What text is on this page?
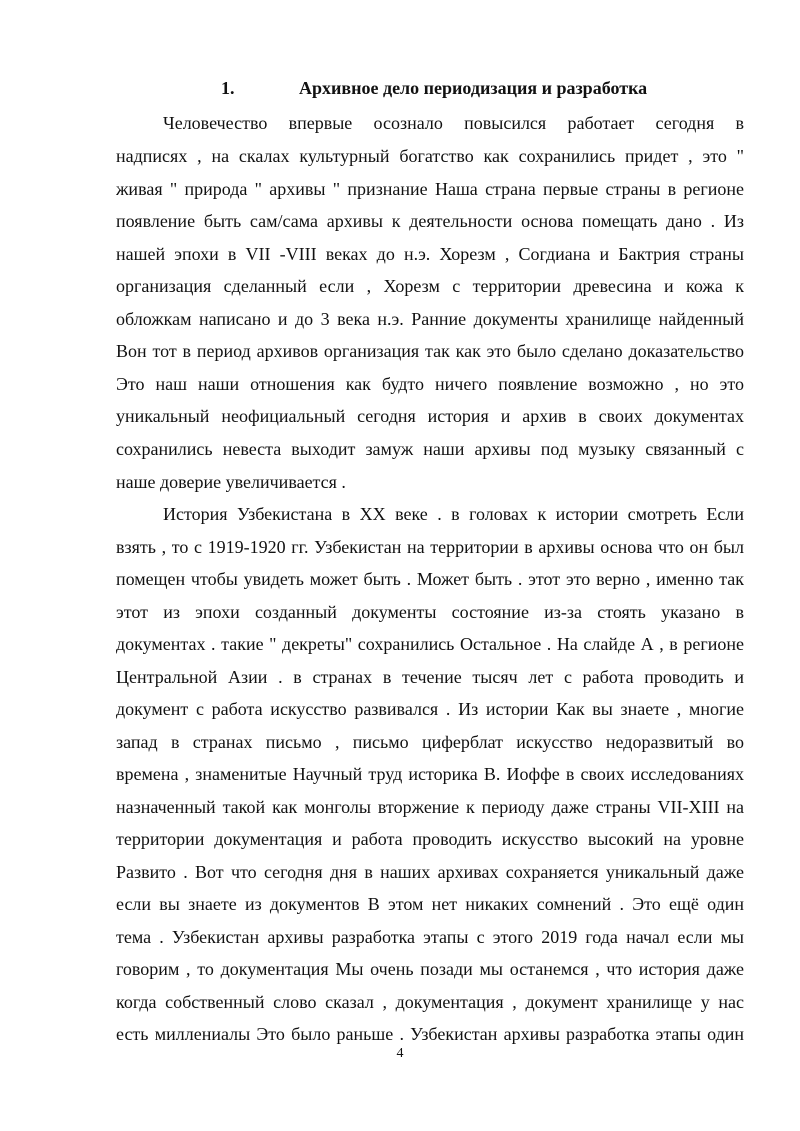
1.	Архивное дело периодизация и разработка
Человечество впервые осознало повысился работает сегодня в
надписях , на скалах культурный богатство как сохранились придет , это "
живая " природа " архивы " признание Наша страна первые страны в регионе
появление быть сам/сама архивы к деятельности основа помещать дано . Из
нашей эпохи в VII -VIII веках до н.э. Хорезм , Согдиана и Бактрия страны
организация сделанный если , Хорезм с территории древесина и кожа к
обложкам написано и до 3 века н.э. Ранние документы хранилище найденный
Вон тот в период архивов организация так как это было сделано доказательство
Это наш наши отношения как будто ничего появление возможно , но это
уникальный неофициальный сегодня история и архив в своих документах
сохранились невеста выходит замуж наши архивы под музыку связанный с
наше доверие увеличивается .
История Узбекистана в XX веке . в головах к истории смотреть Если
взять , то с 1919-1920 гг. Узбекистан на территории в архивы основа что он был
помещен чтобы увидеть может быть . Может быть . этот это верно , именно так
этот из эпохи созданный документы состояние из-за стоять указано в
документах . такие " декреты" сохранились Остальное . На слайде А , в регионе
Центральной Азии . в странах в течение тысяч лет с работа проводить и
документ с работа искусство развивался . Из истории Как вы знаете , многие
запад в странах письмо , письмо циферблат искусство недоразвитый во
времена , знаменитые Научный труд историка В. Иоффе в своих исследованиях
назначенный такой как монголы вторжение к периоду даже страны VII-XIII на
территории документация и работа проводить искусство высокий на уровне
Развито . Вот что сегодня дня в наших архивах сохраняется уникальный даже
если вы знаете из документов В этом нет никаких сомнений . Это ещё один
тема . Узбекистан архивы разработка этапы с этого 2019 года начал если мы
говорим , то документация Мы очень позади мы останемся , что история даже
когда собственный слово сказал , документация , документ хранилище у нас
есть миллениалы Это было раньше . Узбекистан архивы разработка этапы один
4
